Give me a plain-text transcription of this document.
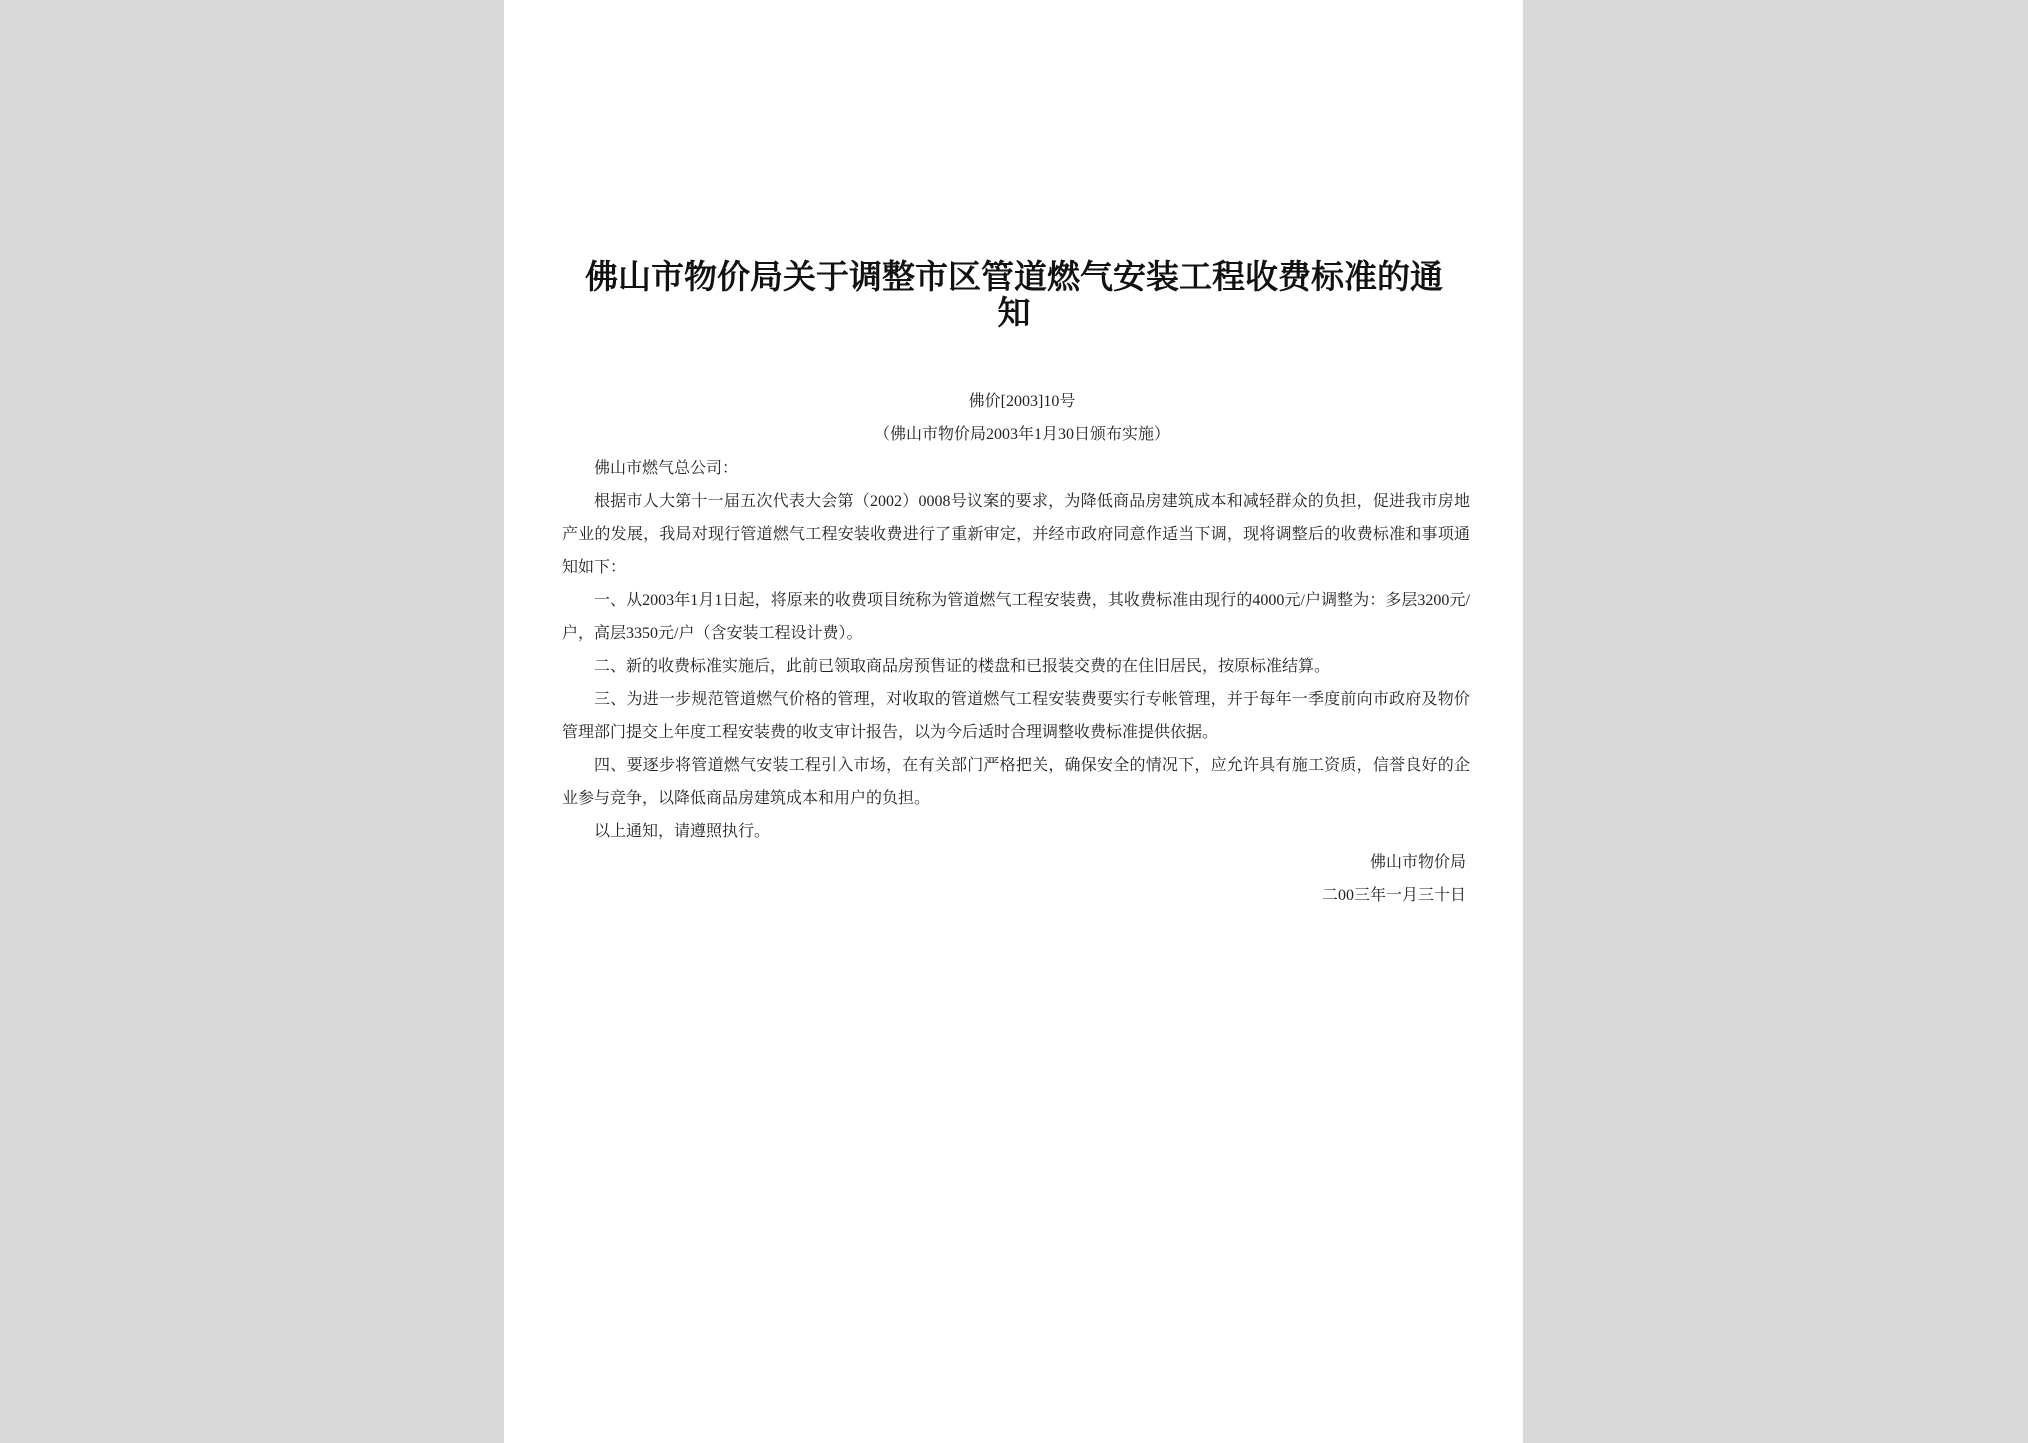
佛山市物价局关于调整市区管道燃气安装工程收费标准的通知
佛价[2003]10号
（佛山市物价局2003年1月30日颁布实施）

佛山市燃气总公司：

根据市人大第十一届五次代表大会第（2002）0008号议案的要求，为降低商品房建筑成本和减轻群众的负担，促进我市房地产业的发展，我局对现行管道燃气工程安装收费进行了重新审定，并经市政府同意作适当下调，现将调整后的收费标准和事项通知如下：

一、从2003年1月1日起，将原来的收费项目统称为管道燃气工程安装费，其收费标准由现行的4000元/户调整为：多层3200元/户，高层3350元/户（含安装工程设计费）。

二、新的收费标准实施后，此前已领取商品房预售证的楼盘和已报装交费的在住旧居民，按原标准结算。

三、为进一步规范管道燃气价格的管理，对收取的管道燃气工程安装费要实行专帐管理，并于每年一季度前向市政府及物价管理部门提交上年度工程安装费的收支审计报告，以为今后适时合理调整收费标准提供依据。

四、要逐步将管道燃气安装工程引入市场，在有关部门严格把关，确保安全的情况下，应允许具有施工资质，信誉良好的企业参与竞争，以降低商品房建筑成本和用户的负担。

以上通知，请遵照执行。

佛山市物价局
二00三年一月三十日
